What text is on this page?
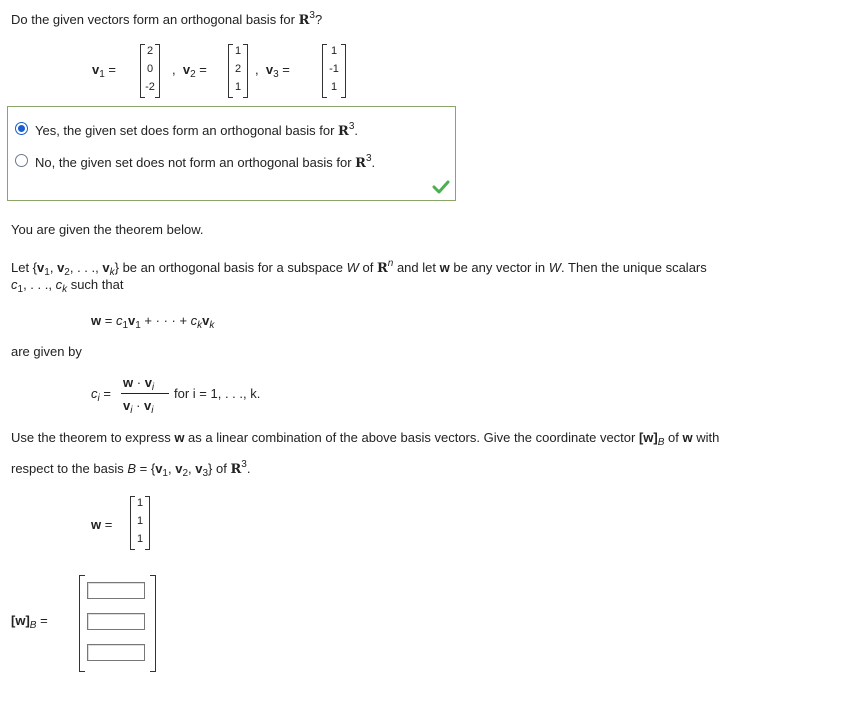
Do the given vectors form an orthogonal basis for $R^3$?
$v_1$ =
2
0
-2
,  $v_2$ =
1
2
1
,  $v_3$ =
1
-1
1
Yes, the given set does form an orthogonal basis for $R^3$.
No, the given set does not form an orthogonal basis for $R^3$.
You are given the theorem below.
Let {$v_1$, $v_2$, . . ., $v_k$} be an orthogonal basis for a subspace W of $R^n$ and let w be any vector in W. Then the unique scalars
$c_1$, . . ., $c_k$ such that
$w = c_1v_1$ + · · · + $c_kv_k$
are given by
$c_i$ =
$w \cdot v_i$
$v_i \cdot v_i$
for i = 1, . . ., k.
Use the theorem to express w as a linear combination of the above basis vectors. Give the coordinate vector $[w]_B$ of w with
respect to the basis $B = \{v_1$, $v_2$, $v_3$} of $R^3$.
w =
1
1
1
$[w]_B$ =
